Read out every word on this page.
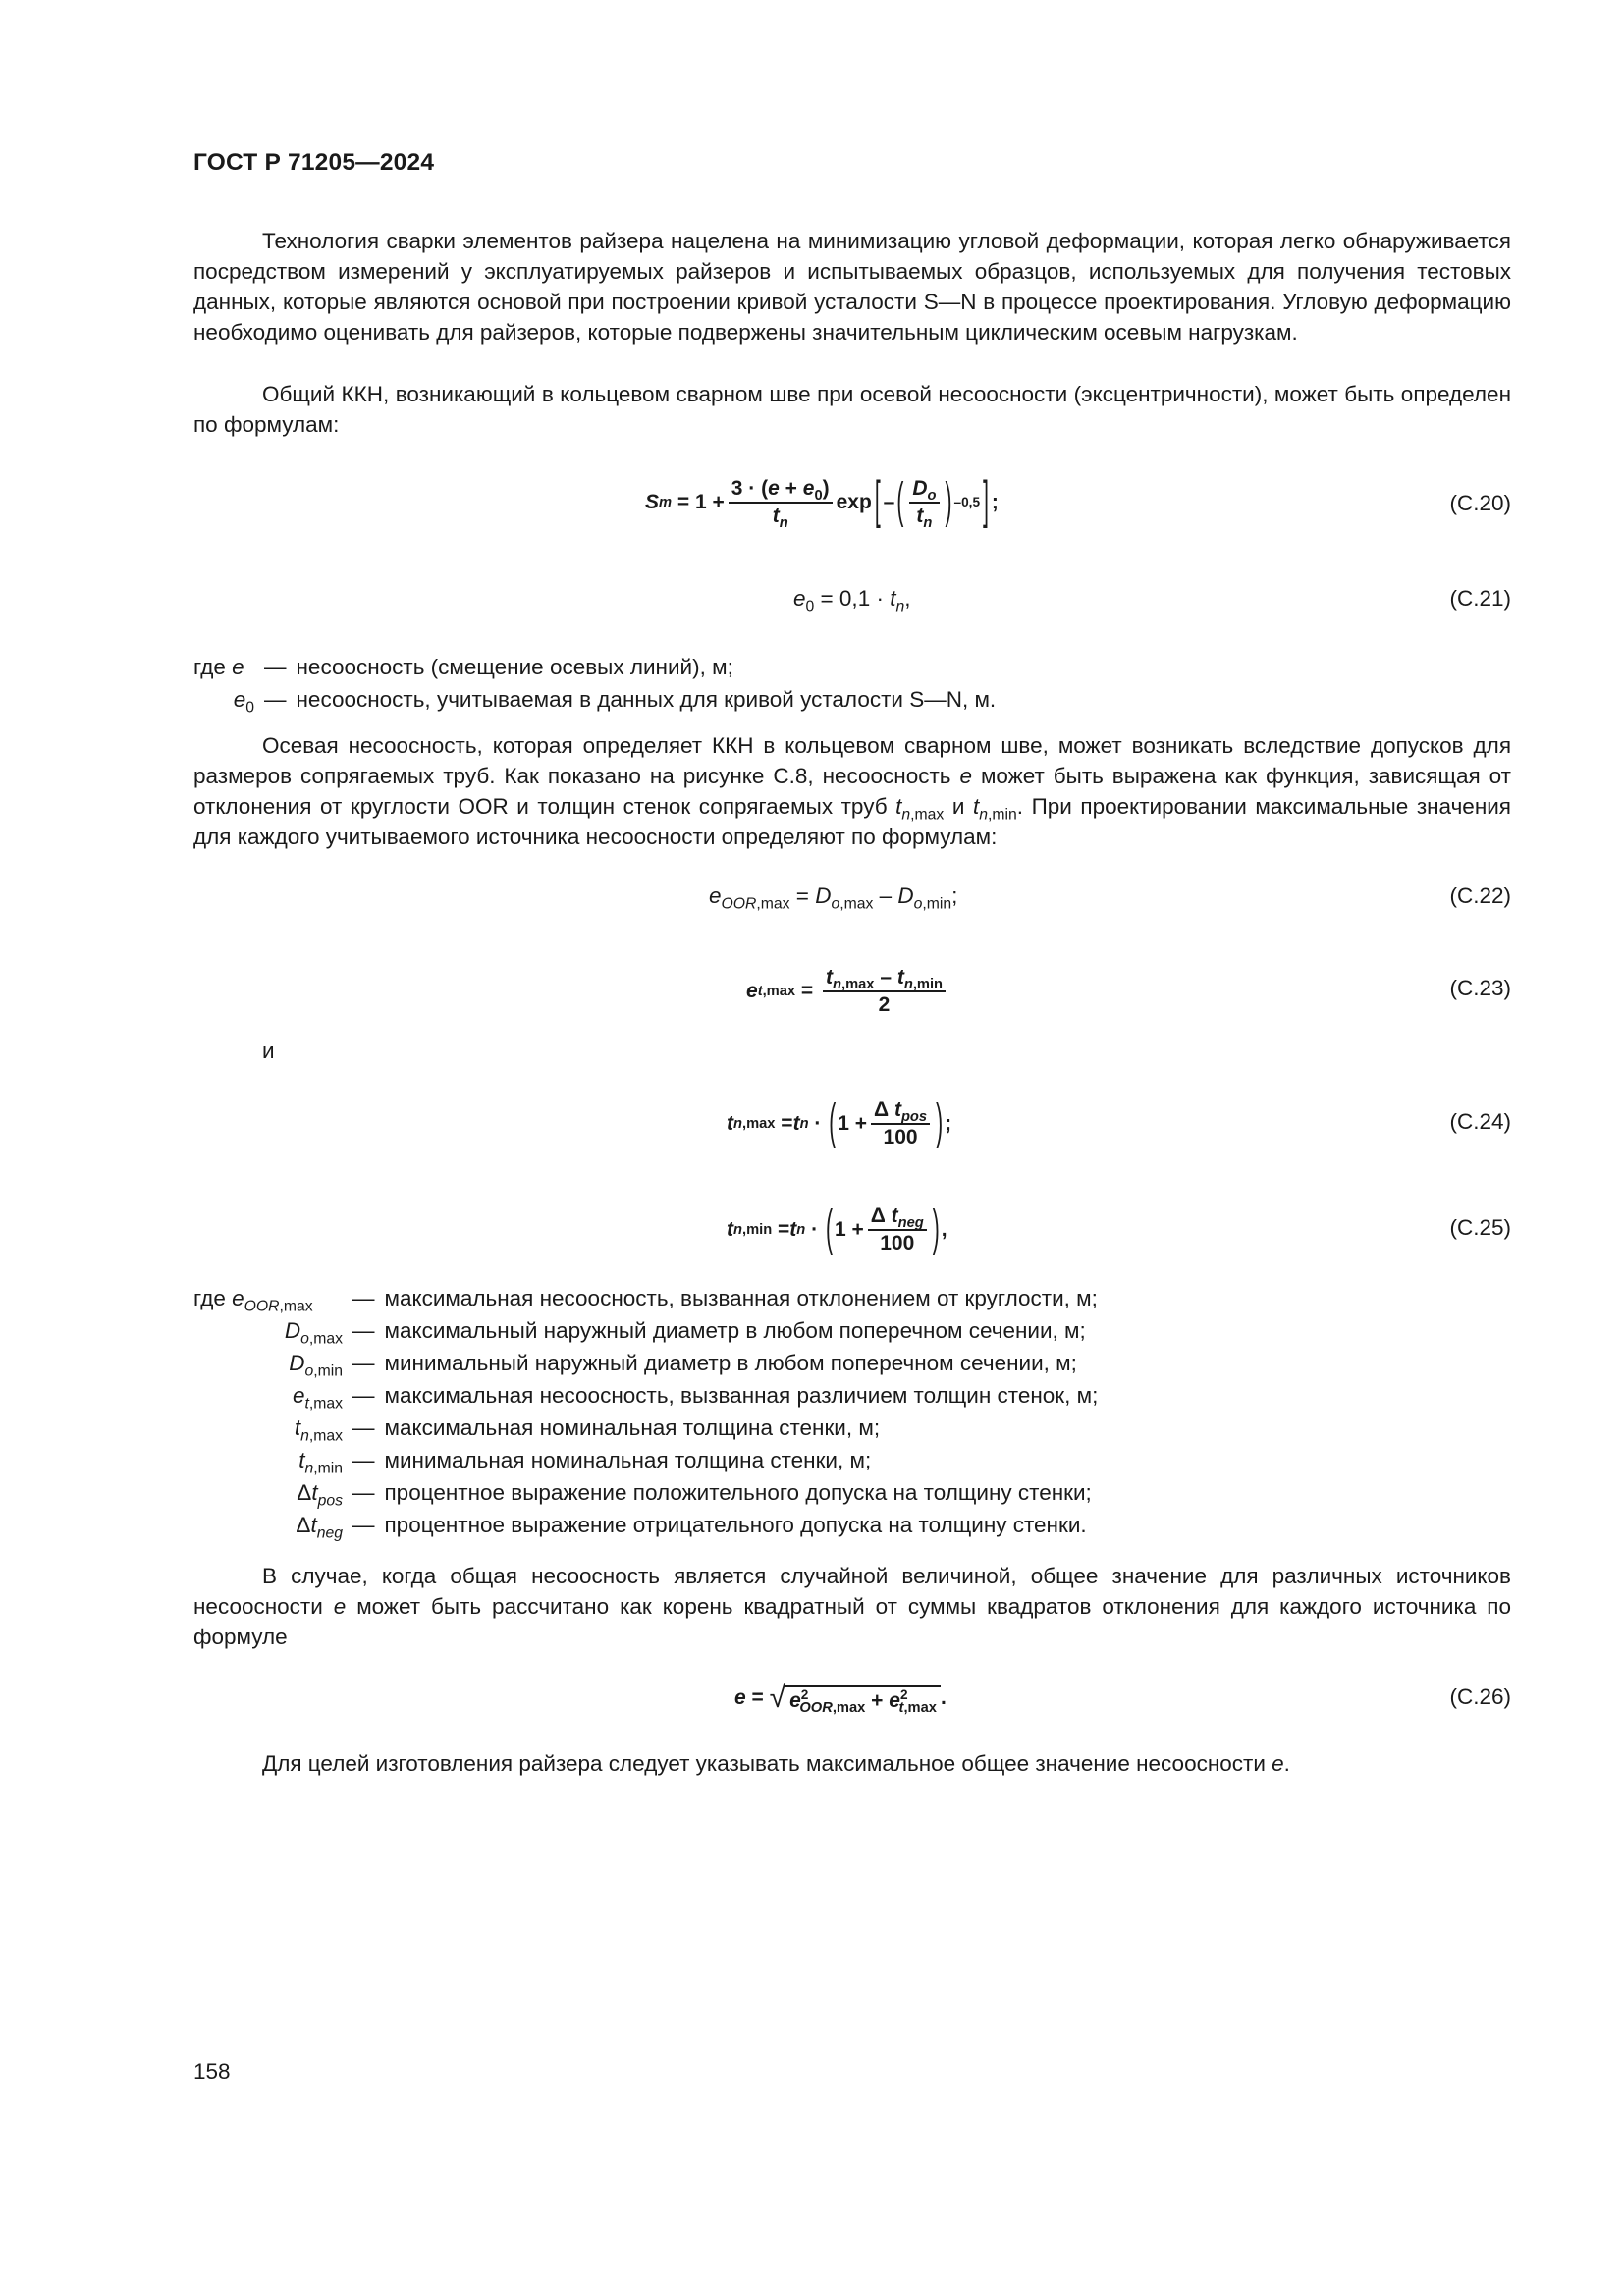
ГОСТ Р 71205—2024
Технология сварки элементов райзера нацелена на минимизацию угловой деформации, которая легко обнаруживается посредством измерений у эксплуатируемых райзеров и испытываемых образцов, используемых для получения тестовых данных, которые являются основой при построении кривой усталости S—N в процессе проектирования. Угловую деформацию необходимо оценивать для райзеров, которые подвержены значительным циклическим осевым нагрузкам.
Общий ККН, возникающий в кольцевом сварном шве при осевой несоосности (эксцентричности), может быть определен по формулам:
S $m = 1 + \frac{3 \cdot (e + e_0)}{t_n}$ exp [ – ( $\frac{D_o}{t_n}$ ) –0,5 ] ;	(С.20)
$e_0 = 0,1 \cdot t_n$,	(С.21)
где e — несоосность (смещение осевых линий), м;
$e_0$ — несоосность, учитываемая в данных для кривой усталости S—N, м.
Осевая несоосность, которая определяет ККН в кольцевом сварном шве, может возникать вследствие допусков для размеров сопрягаемых труб. Как показано на рисунке С.8, несоосность e может быть выражена как функция, зависящая от отклонения от круглости OOR и толщин стенок сопрягаемых труб $t_{n,max}$ и $t_{n,min}$. При проектировании максимальные значения для каждого учитываемого источника несоосности определяют по формулам:
$e_{OOR,max} = D_{o,max} - D_{o,min}$;	(С.22)
e $t,\max = \frac{t_{n,max} - t_{n,min}}{2}$	(С.23)
и
t n,max = t n · ( $1 + \frac{\Delta t_{pos}}{100}$ ) ;	(С.24)
t n,min = t n · ( $1 + \frac{\Delta t_{neg}}{100}$ ) ,	(С.25)
где $e_{OOR,max}$	— максимальная несоосность, вызванная отклонением от круглости, м;
$D_{o,max}$ — максимальный наружный диаметр в любом поперечном сечении, м;
$D_{o,min}$ — минимальный наружный диаметр в любом поперечном сечении, м;
$e_{t,max}$ — максимальная несоосность, вызванная различием толщин стенок, м;
$t_{n,max}$ — максимальная номинальная толщина стенки, м;
$t_{n,min}$ — минимальная номинальная толщина стенки, м;
$\Delta t_{pos}$ — процентное выражение положительного допуска на толщину стенки;
$\Delta t_{neg}$ — процентное выражение отрицательного допуска на толщину стенки.
В случае, когда общая несоосность является случайной величиной, общее значение для различных источников несоосности e может быть рассчитано как корень квадратный от суммы квадратов отклонения для каждого источника по формуле
e = √ $e^2_{OOR,max} + e^2_{t,max}$ .	(С.26)
Для целей изготовления райзера следует указывать максимальное общее значение несоосности e.
158
